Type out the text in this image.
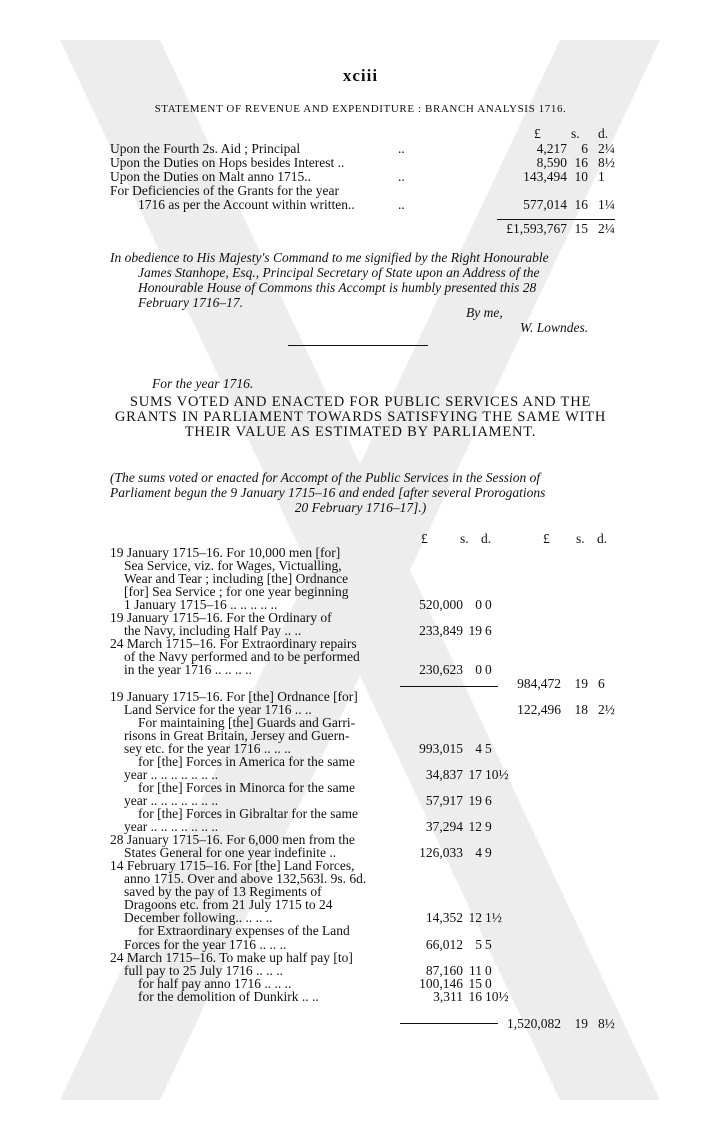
xciii
STATEMENT OF REVENUE AND EXPENDITURE : BRANCH ANALYSIS 1716.
£ s. d.
Upon the Fourth 2s. Aid ; Principal	..	4,217	6 2¼
Upon the Duties on Hops besides Interest ..	8,590 16 8½
Upon the Duties on Malt anno 1715..	..	143,494 10 1
For Deficiencies of the Grants for the year
1716 as per the Account within written..	..	577,014 16 1¼
£1,593,767 15 2¼
In obedience to His Majesty's Command to me signified by the Right Honourable
James Stanhope, Esq., Principal Secretary of State upon an Address of the
Honourable House of Commons this Accompt is humbly presented this 28
February 1716–17.
By me,
W. Lowndes.
For the year 1716.
SUMS VOTED AND ENACTED FOR PUBLIC SERVICES AND THE
GRANTS IN PARLIAMENT TOWARDS SATISFYING THE SAME WITH
THEIR VALUE AS ESTIMATED BY PARLIAMENT.
(The sums voted or enacted for Accompt of the Public Services in the Session of
Parliament begun the 9 January 1715–16 and ended [after several Prorogations
20 February 1716–17].)
£ s. d.	£ s. d.
19 January 1715–16. For 10,000 men [for]
Sea Service, viz. for Wages, Victualling,
Wear and Tear ; including [the] Ordnance
[for] Sea Service ; for one year beginning
1 January 1715–16 .. .. .. .. ..	520,000 0 0
19 January 1715–16. For the Ordinary of
the Navy, including Half Pay .. ..	233,849 19 6
24 March 1715–16. For Extraordinary repairs
of the Navy performed and to be performed
in the year 1716 .. .. .. ..	230,623 0 0
984,472	19 6
19 January 1715–16. For [the] Ordnance [for]
Land Service for the year 1716 .. ..	122,496	18 2½
For maintaining [the] Guards and Garri-
risons in Great Britain, Jersey and Guern-
sey etc. for the year 1716 .. .. ..	993,015 4 5
for [the] Forces in America for the same
year .. .. .. .. .. .. ..	34,837 17 10½
for [the] Forces in Minorca for the same
year .. .. .. .. .. .. ..	57,917 19 6
for [the] Forces in Gibraltar for the same
year .. .. .. .. .. .. ..	37,294 12 9
28 January 1715–16. For 6,000 men from the
States General for one year indefinite ..	126,033 4 9
14 February 1715–16. For [the] Land Forces,
anno 1715. Over and above 132,563l. 9s. 6d.
saved by the pay of 13 Regiments of
Dragoons etc. from 21 July 1715 to 24
December following.. .. .. ..	14,352 12 1½
for Extraordinary expenses of the Land
Forces for the year 1716 .. .. ..	66,012 5 5
24 March 1715–16. To make up half pay [to]
full pay to 25 July 1716 .. .. ..	87,160 11 0
for half pay anno 1716 .. .. ..	100,146 15 0
for the demolition of Dunkirk .. ..	3,311 16 10½
1,520,082	19 8½
